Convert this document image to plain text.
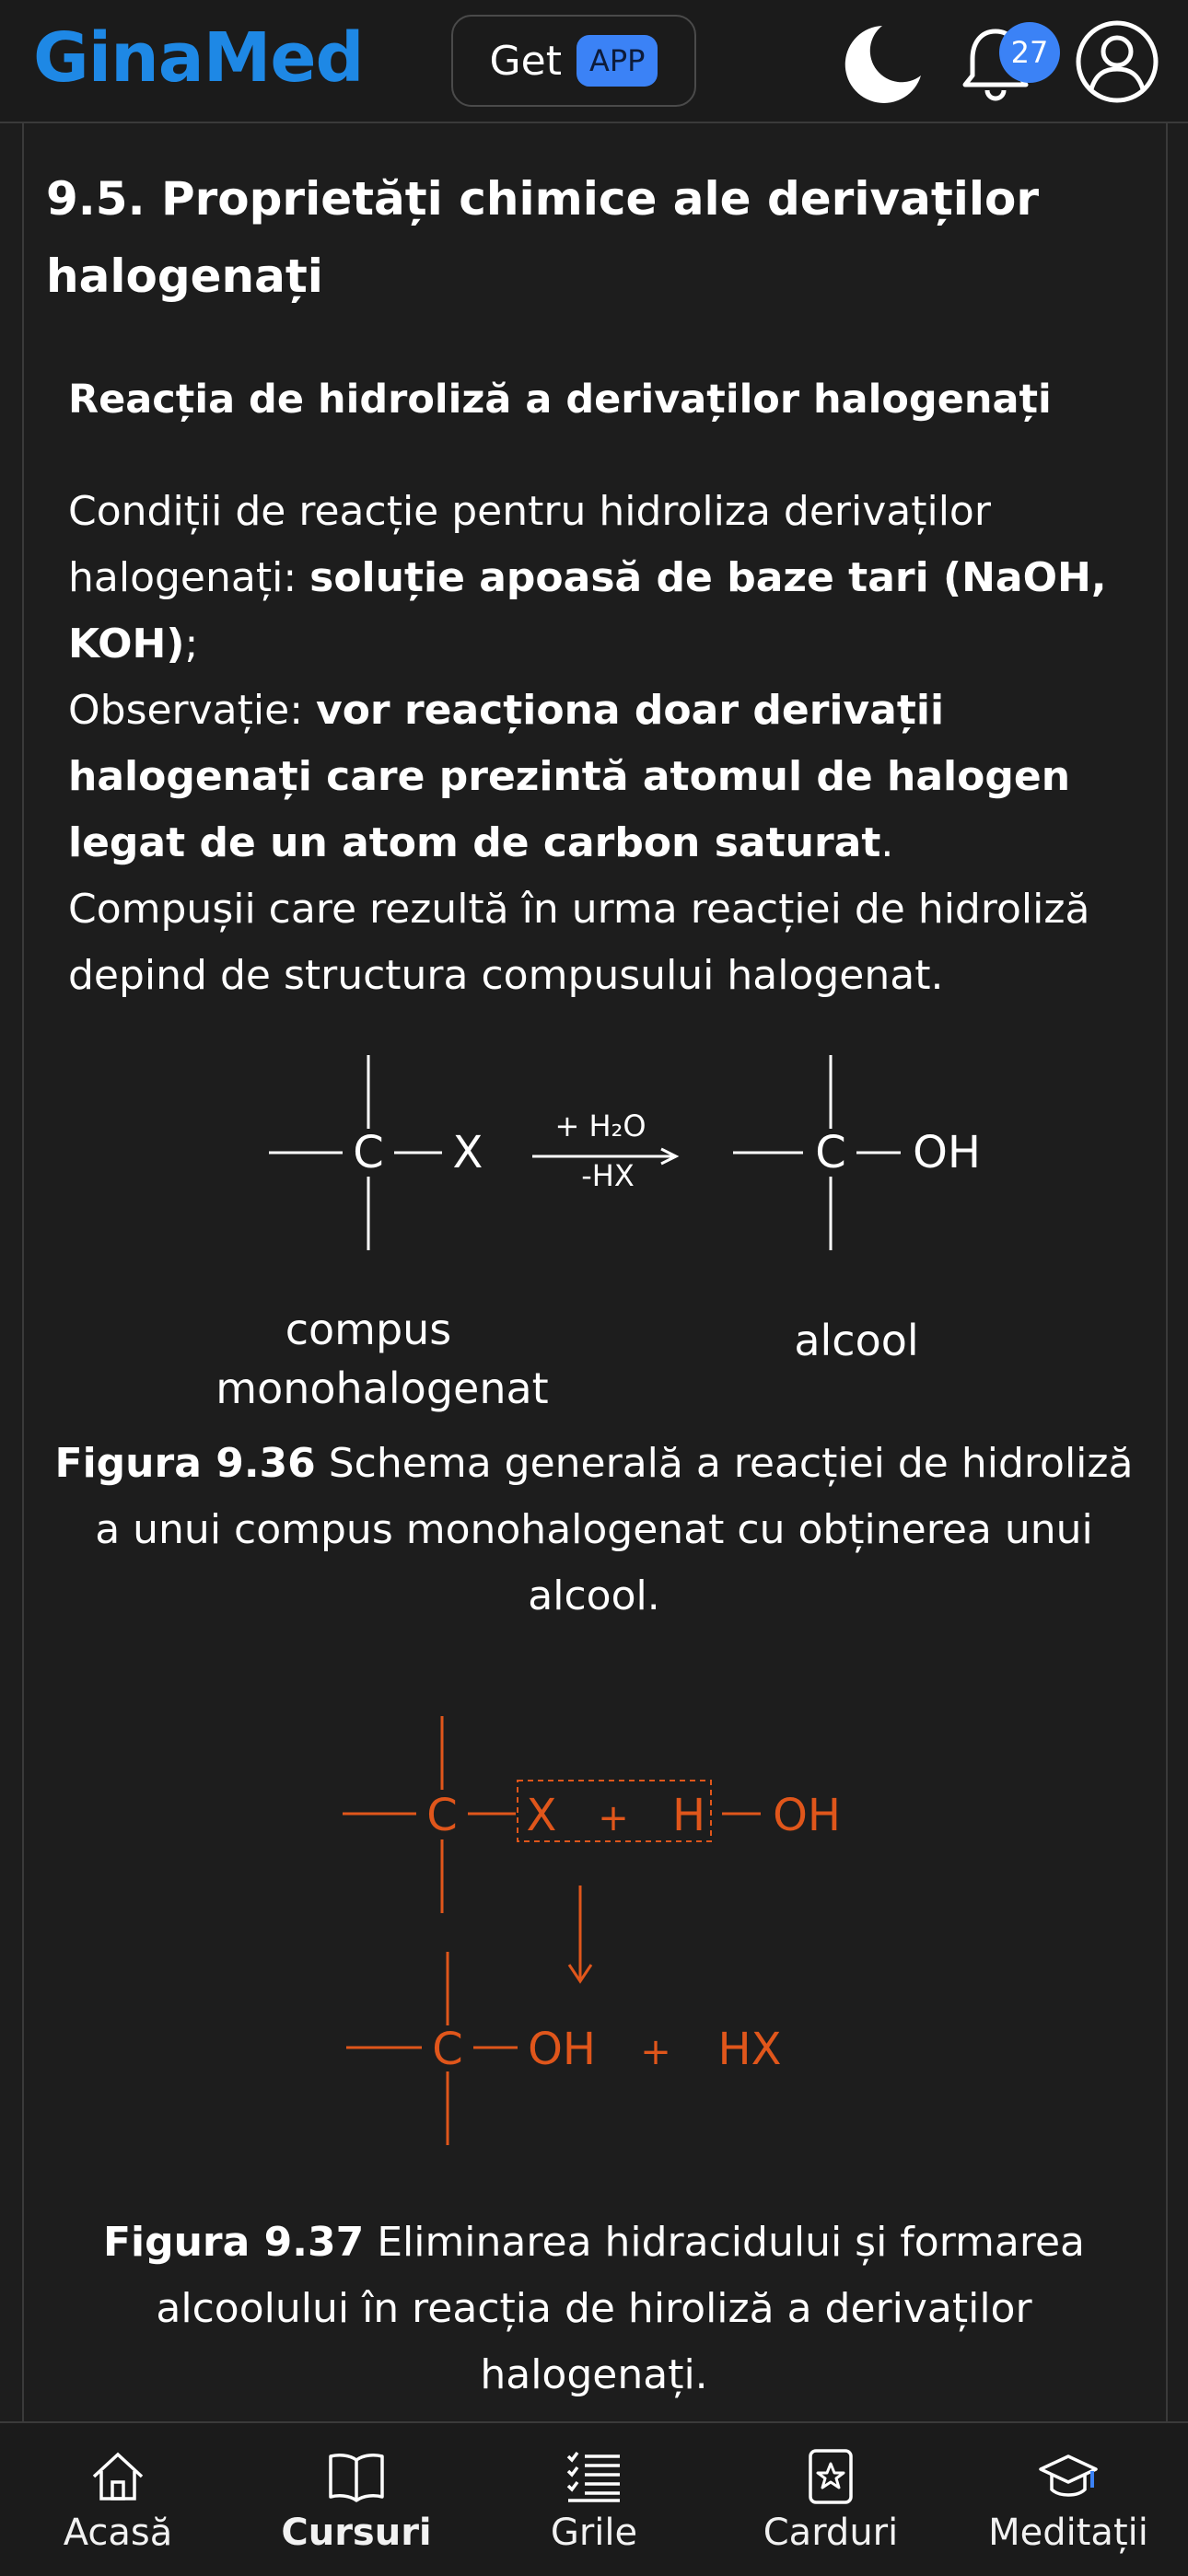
GinaMed	Get APP	27
9.5. Proprietăți chimice ale derivaților halogenați
Reacția de hidroliză a derivaților halogenați
Condiții de reacție pentru hidroliza derivaților halogenați: soluție apoasă de baze tari (NaOH, KOH);
Observație: vor reacționa doar derivații halogenați care prezintă atomul de halogen legat de un atom de carbon saturat.
Compușii care rezultă în urma reacției de hidroliză depind de structura compusului halogenat.
C X
+ H₂O
-HX	C OH
compus
monohalogenat
alcool
Figura 9.36 Schema generală a reacției de hidroliză a unui compus monohalogenat cu obținerea unui alcool.
C X + H OH
C OH + HX
Figura 9.37 Eliminarea hidracidului și formarea alcoolului în reacția de hiroliză a derivaților halogenați.
Acasă	Cursuri	Grile	Carduri Meditații
